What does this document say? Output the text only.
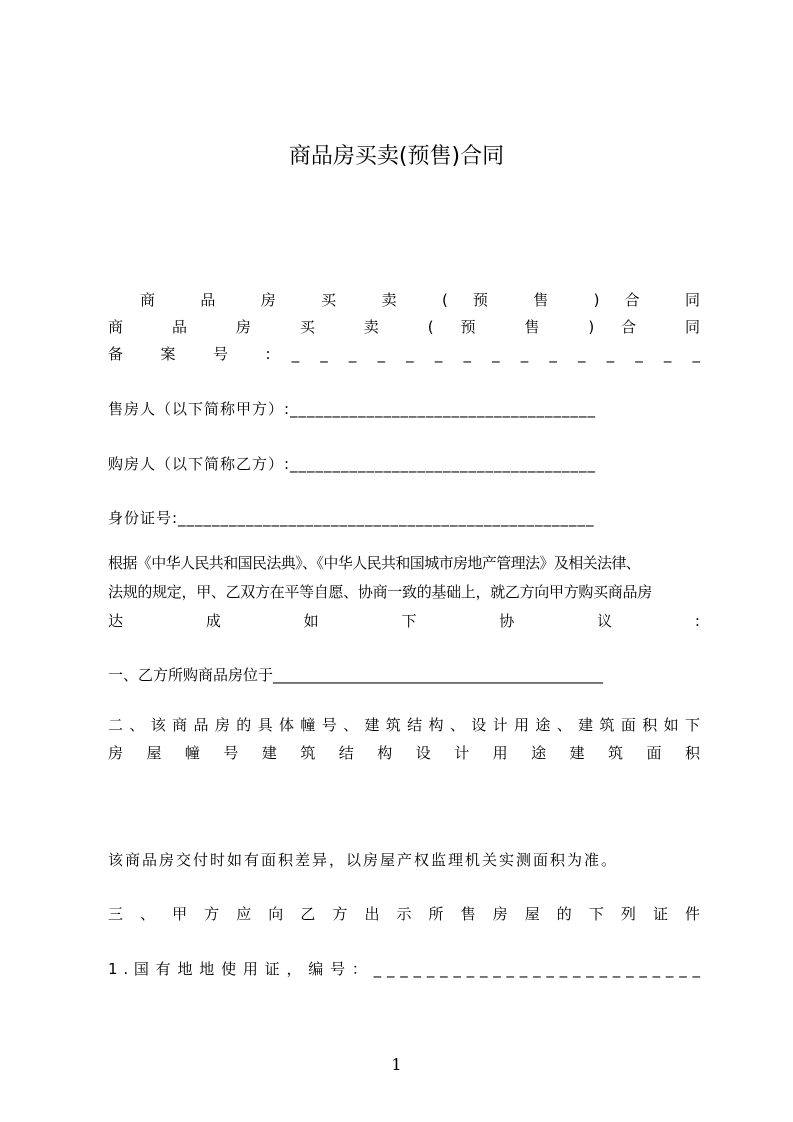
商品房买卖(预售)合同
商 品 房 买 卖 ( 预 售 ) 合 同
商 品 房 买 卖 ( 预 售 ) 合 同
备 案 号 : _ _ _ _ _ _ _ _ _ _ _ _ _ _ _
售房人（以下简称甲方）:____________________________________
购房人（以下简称乙方）:____________________________________
身份证号:_________________________________________________
根据《中华人民共和国民法典》、《中华人民共和国城市房地产管理法》及相关法律、
法规的规定，甲、乙双方在平等自愿、协商一致的基础上，就乙方向甲方购买商品房
达 成 如 下 协 议 :
一、乙方所购商品房位于____________________________________________
二 、 该 商 品 房 的 具 体 幢 号 、 建 筑 结 构 、 设 计 用 途 、 建 筑 面 积 如 下
房 屋 幢 号 建 筑 结 构 设 计 用 途 建 筑 面 积
该商品房交付时如有面积差异，以房屋产权监理机关实测面积为准。
三 、 甲 方 应 向 乙 方 出 示 所 售 房 屋 的 下 列 证 件
1 . 国 有 地 地 使 用 证 ， 编 号 ： _ _ _ _ _ _ _ _ _ _ _ _ _ _ _ _ _ _ _ _ _ _ _ _ _
1
